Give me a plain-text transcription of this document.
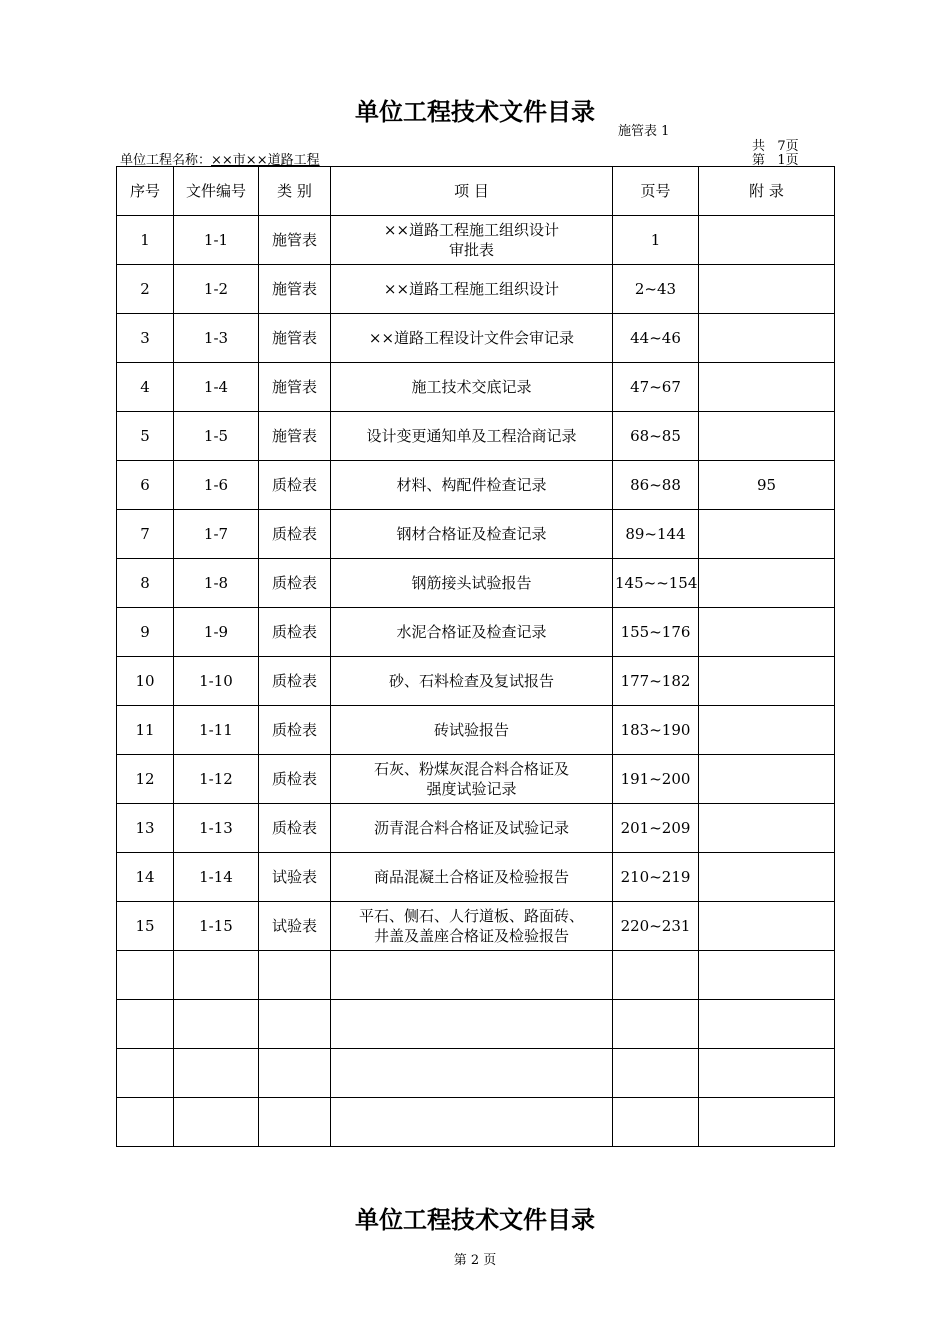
单位工程技术文件目录
施管表 1
共   7页
第   1页
单位工程名称：××市××道路工程
序号	文件编号	类 别	项 目	页号	附 录
1	1-1	施管表	××道路工程施工组织设计
审批表	1	
2	1-2	施管表	××道路工程施工组织设计	2~43	
3	1-3	施管表	××道路工程设计文件会审记录	44~46	
4	1-4	施管表	施工技术交底记录	47~67	
5	1-5	施管表	设计变更通知单及工程洽商记录	68~85	
6	1-6	质检表	材料、构配件检查记录	86~88	95
7	1-7	质检表	钢材合格证及检查记录	89~144	
8	1-8	质检表	钢筋接头试验报告	145~~154	
9	1-9	质检表	水泥合格证及检查记录	155~176	
10	1-10	质检表	砂、石料检查及复试报告	177~182	
11	1-11	质检表	砖试验报告	183~190	
12	1-12	质检表	石灰、粉煤灰混合料合格证及
强度试验记录	191~200	
13	1-13	质检表	沥青混合料合格证及试验记录	201~209	
14	1-14	试验表	商品混凝土合格证及检验报告	210~219	
15	1-15	试验表	平石、侧石、人行道板、路面砖、
井盖及盖座合格证及检验报告	220~231	

单位工程技术文件目录
第 2 页
